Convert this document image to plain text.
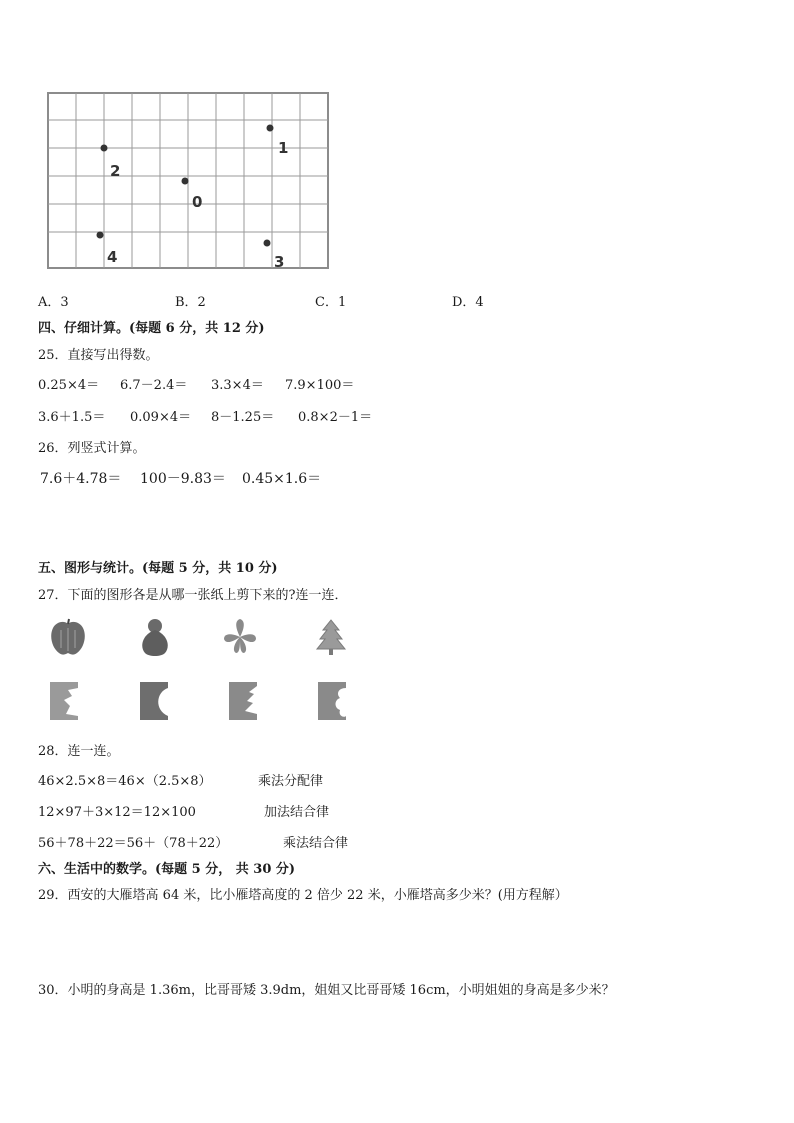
1
2
0
3
4
A．3	B．2	C．1	D．4
四、仔细计算。(每题 6 分，共 12 分)
25．直接写出得数。
0.25×4＝ 6.7－2.4＝ 3.3×4＝ 7.9×100＝
3.6＋1.5＝ 0.09×4＝ 8－1.25＝ 0.8×2－1＝
26．列竖式计算。
7.6＋4.78＝ 100－9.83＝ 0.45×1.6＝
五、图形与统计。(每题 5 分，共 10 分)
27．下面的图形各是从哪一张纸上剪下来的?连一连．
28．连一连。
46×2.5×8＝46×（2.5×8）	乘法分配律
12×97＋3×12＝12×100	加法结合律
56＋78＋22＝56＋（78＋22）	乘法结合律
六、生活中的数学。(每题 5 分， 共 30 分)
29．西安的大雁塔高 64 米，比小雁塔高度的 2 倍少 22 米，小雁塔高多少米？(用方程解）
30．小明的身高是 1.36m，比哥哥矮 3.9dm，姐姐又比哥哥矮 16cm，小明姐姐的身高是多少米？
